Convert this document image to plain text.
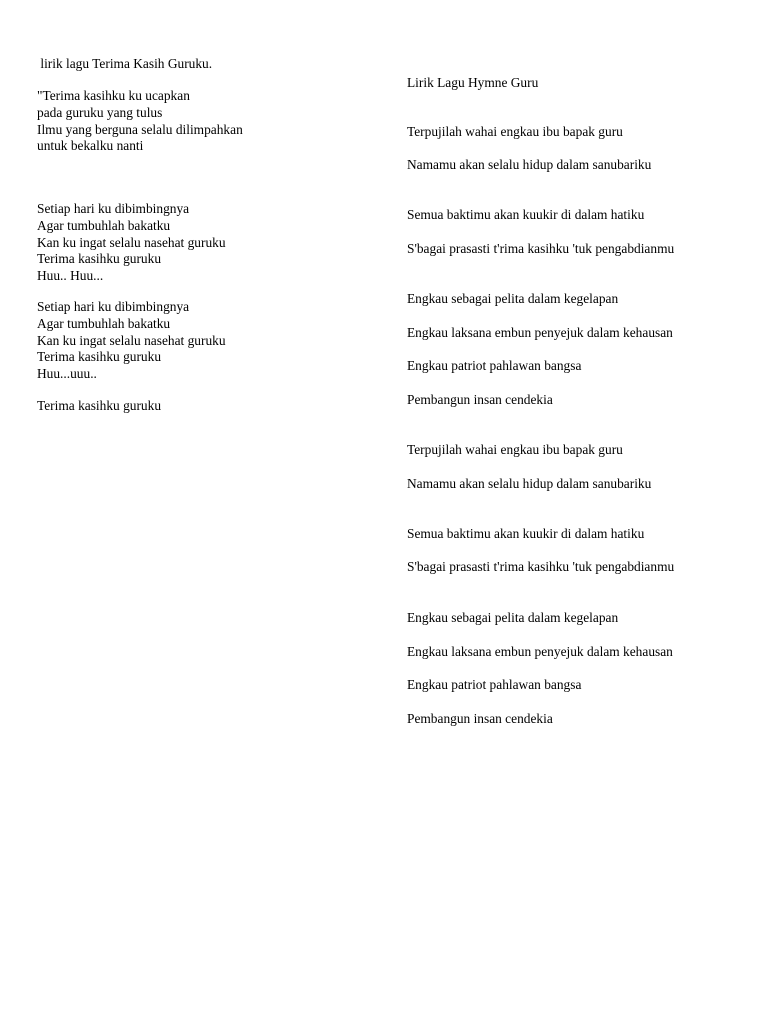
lirik lagu Terima Kasih Guruku.
"Terima kasihku ku ucapkan
pada guruku yang tulus
Ilmu yang berguna selalu dilimpahkan
untuk bekalku nanti
Setiap hari ku dibimbingnya
Agar tumbuhlah bakatku
Kan ku ingat selalu nasehat guruku
Terima kasihku guruku
Huu.. Huu...
Setiap hari ku dibimbingnya
Agar tumbuhlah bakatku
Kan ku ingat selalu nasehat guruku
Terima kasihku guruku
Huu...uuu..
Terima kasihku guruku
Lirik Lagu Hymne Guru
Terpujilah wahai engkau ibu bapak guru
Namamu akan selalu hidup dalam sanubariku
Semua baktimu akan kuukir di dalam hatiku
S'bagai prasasti t'rima kasihku 'tuk pengabdianmu
Engkau sebagai pelita dalam kegelapan
Engkau laksana embun penyejuk dalam kehausan
Engkau patriot pahlawan bangsa
Pembangun insan cendekia
Terpujilah wahai engkau ibu bapak guru
Namamu akan selalu hidup dalam sanubariku
Semua baktimu akan kuukir di dalam hatiku
S'bagai prasasti t'rima kasihku 'tuk pengabdianmu
Engkau sebagai pelita dalam kegelapan
Engkau laksana embun penyejuk dalam kehausan
Engkau patriot pahlawan bangsa
Pembangun insan cendekia
